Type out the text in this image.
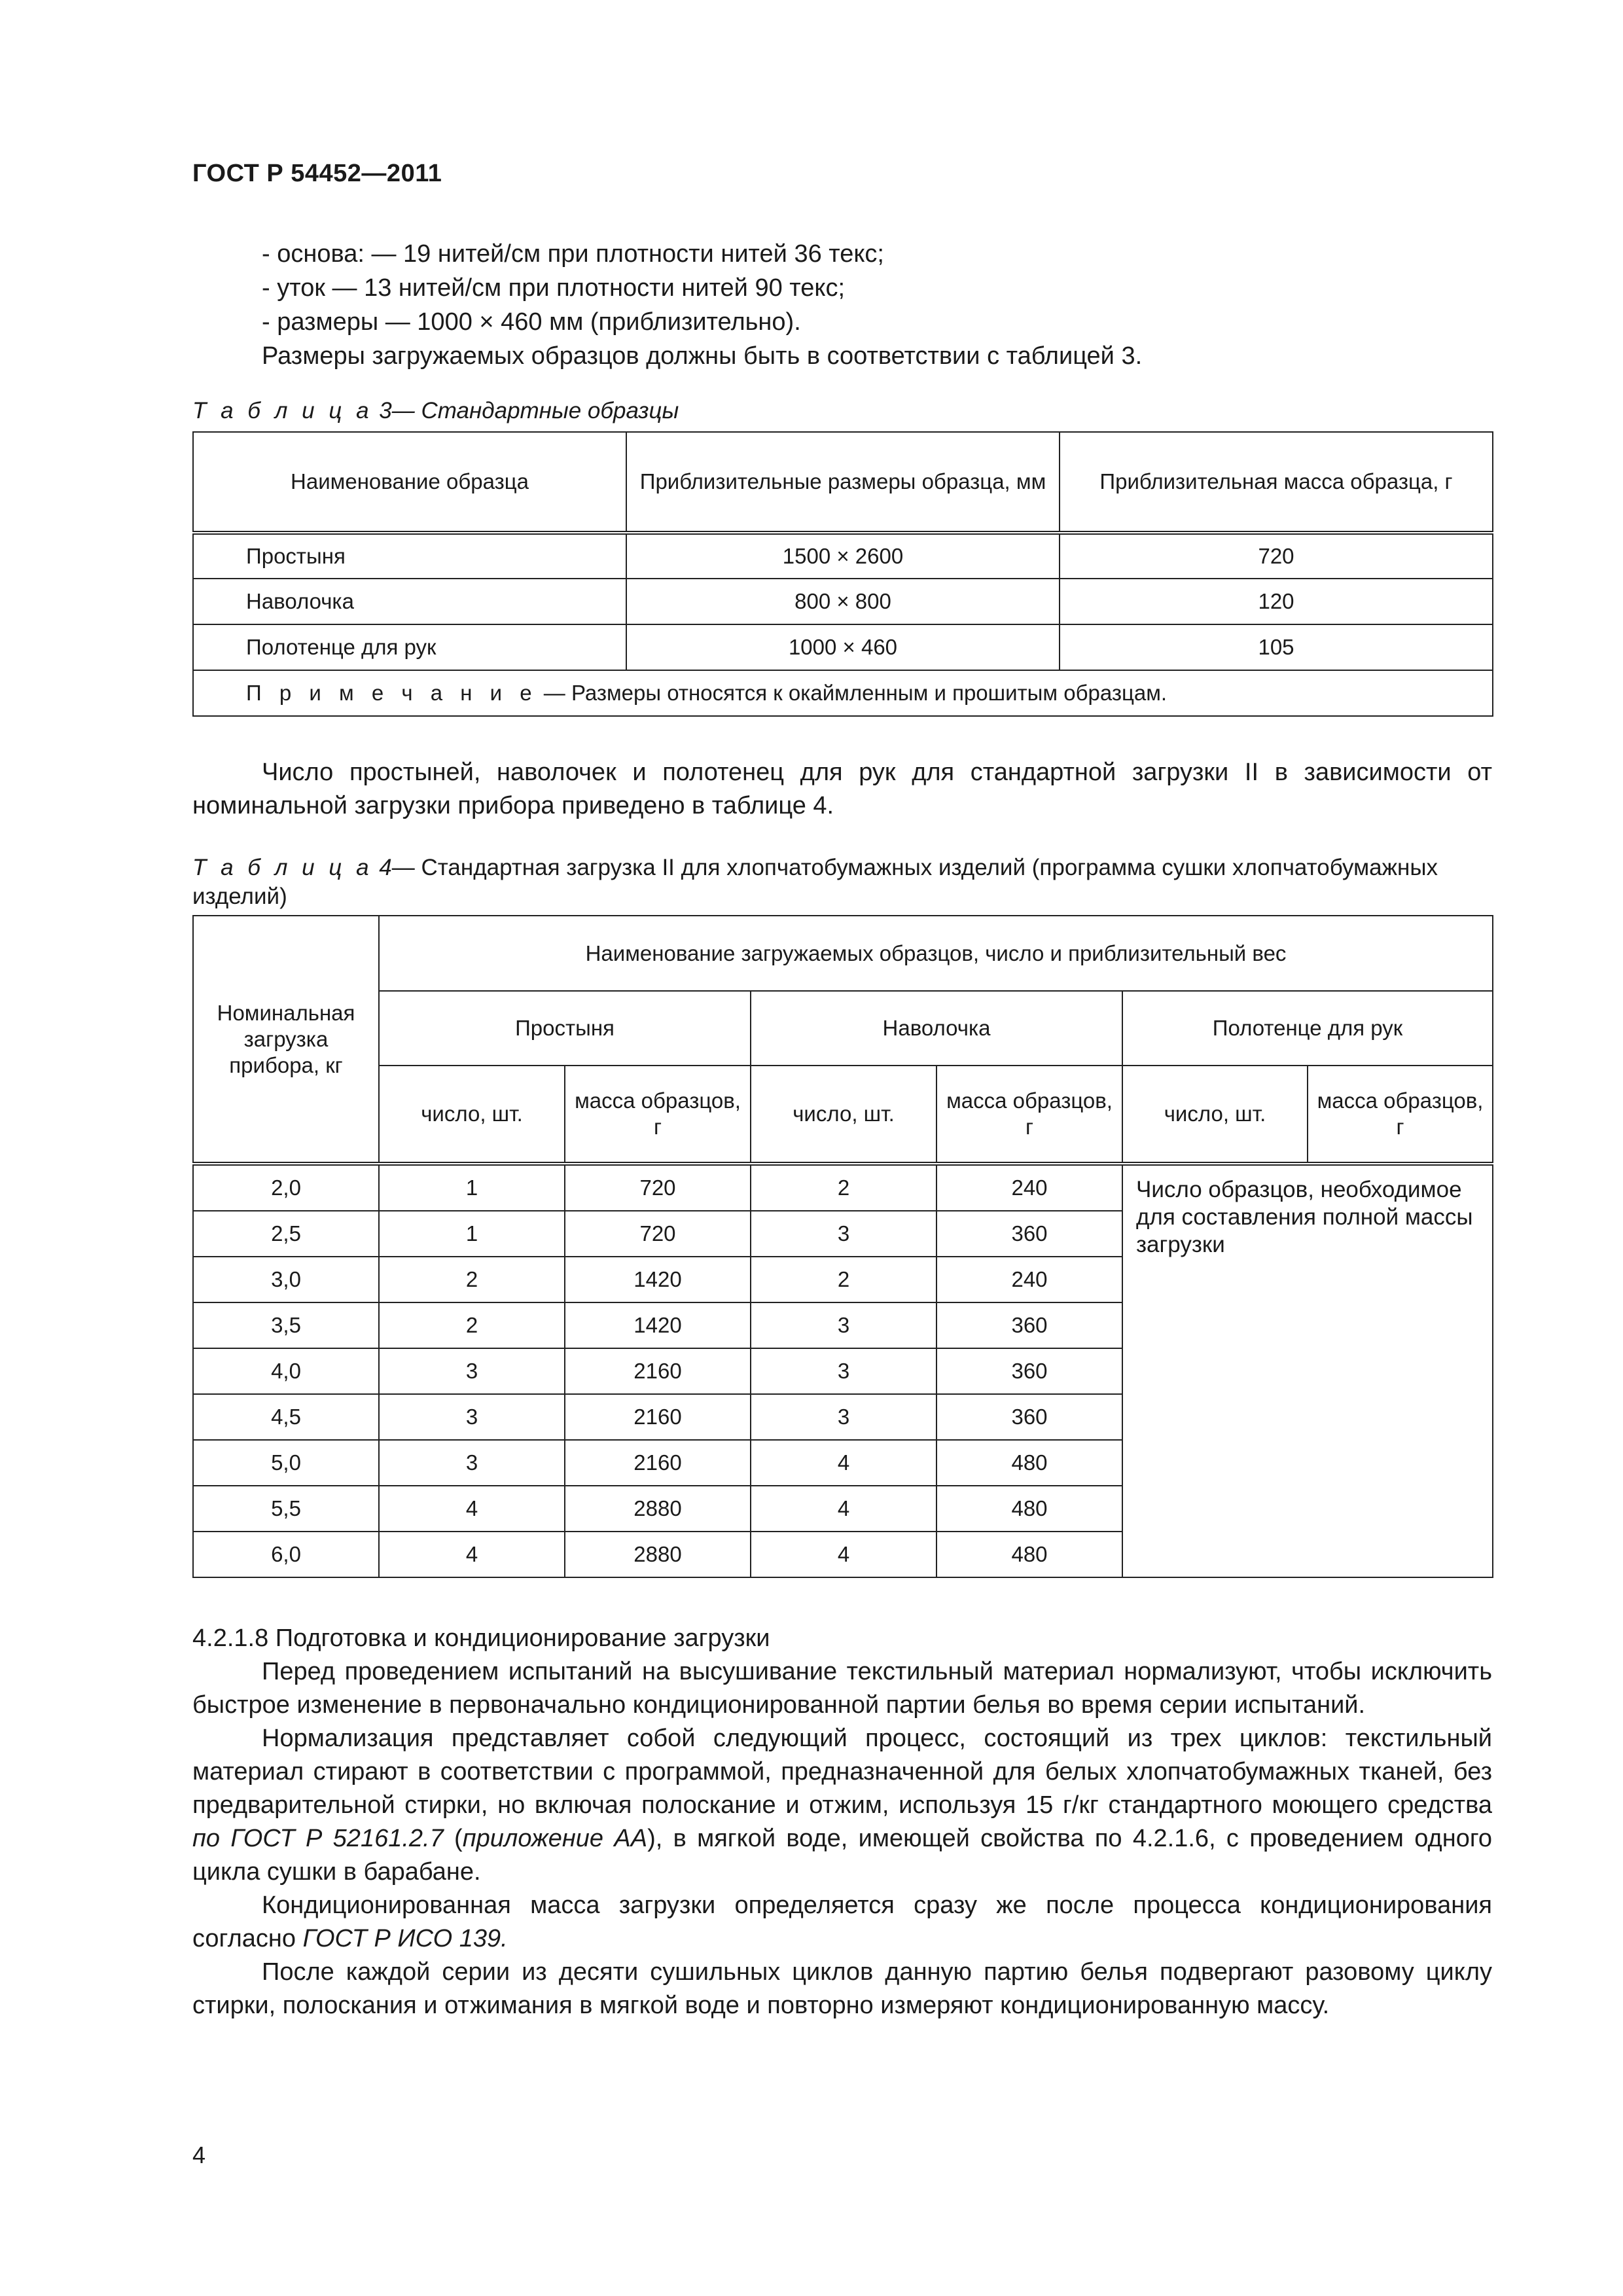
ГОСТ Р 54452—2011
- основа: — 19 нитей/см при плотности нитей 36 текс;
- уток — 13 нитей/см при плотности нитей 90 текс;
- размеры — 1000 × 460 мм (приблизительно).
Размеры загружаемых образцов должны быть в соответствии с таблицей 3.
Т а б л и ц а 3— Стандартные образцы
Наименование образца	Приблизительные размеры образца, мм	Приблизительная масса образца, г
Простыня	1500 × 2600	720
Наволочка	800 × 800	120
Полотенце для рук	1000 × 460	105
П р и м е ч а н и е — Размеры относятся к окаймленным и прошитым образцам.		

Число простыней, наволочек и полотенец для рук для стандартной загрузки II в зависимости от номинальной загрузки прибора приведено в таблице 4.

Т а б л и ц а 4— Стандартная загрузка II для хлопчатобумажных изделий (программа сушки хлопчатобумажных изделий)
Номинальная загрузка прибора, кг	Наименование загружаемых образцов, число и приблизительный вес					
	Простыня		Наволочка		Полотенце для рук	
	число, шт.	масса образцов, г	число, шт.	масса образцов, г	число, шт.	масса образцов, г
2,0	1	720	2	240	Число образцов, необходимое для составления полной массы загрузки	
2,5	1	720	3	360		
3,0	2	1420	2	240		
3,5	2	1420	3	360		
4,0	3	2160	3	360		
4,5	3	2160	3	360		
5,0	3	2160	4	480		
5,5	4	2880	4	480		
6,0	4	2880	4	480		

4.2.1.8 Подготовка и кондиционирование загрузки

Перед проведением испытаний на высушивание текстильный материал нормализуют, чтобы исключить быстрое изменение в первоначально кондиционированной партии белья во время серии испытаний.

Нормализация представляет собой следующий процесс, состоящий из трех циклов: текстильный материал стирают в соответствии с программой, предназначенной для белых хлопчатобумажных тканей, без предварительной стирки, но включая полоскание и отжим, используя 15 г/кг стандартного моющего средства по ГОСТ Р 52161.2.7 (приложение АА), в мягкой воде, имеющей свойства по 4.2.1.6, с проведением одного цикла сушки в барабане.

Кондиционированная масса загрузки определяется сразу же после процесса кондиционирования согласно ГОСТ Р ИСО 139.

После каждой серии из десяти сушильных циклов данную партию белья подвергают разовому циклу стирки, полоскания и отжимания в мягкой воде и повторно измеряют кондиционированную массу.

4
